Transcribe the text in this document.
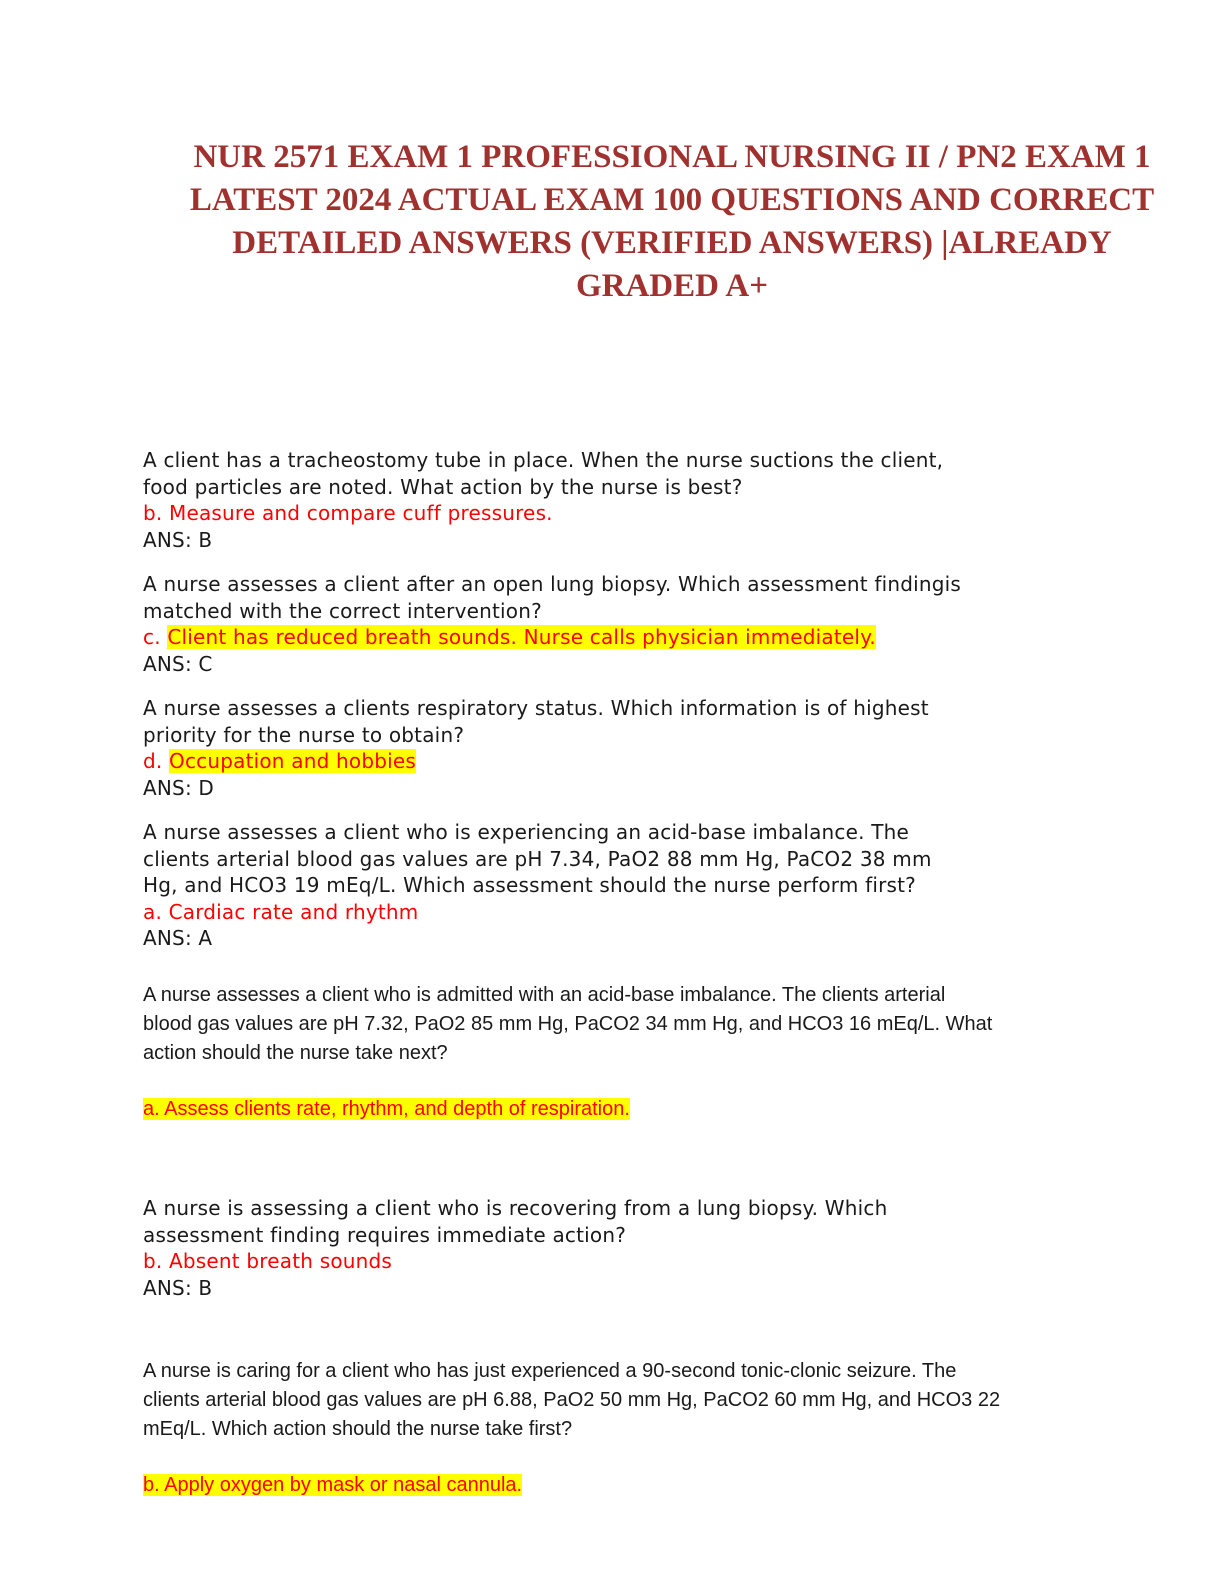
NUR 2571 EXAM 1 PROFESSIONAL NURSING II / PN2 EXAM 1
LATEST 2024 ACTUAL EXAM 100 QUESTIONS AND CORRECT
DETAILED ANSWERS (VERIFIED ANSWERS) |ALREADY
GRADED A+
A client has a tracheostomy tube in place. When the nurse suctions the client,
food particles are noted. What action by the nurse is best?
b. Measure and compare cuff pressures.
ANS: B
A nurse assesses a client after an open lung biopsy. Which assessment findingis
matched with the correct intervention?
c. Client has reduced breath sounds. Nurse calls physician immediately.
ANS: C
A nurse assesses a clients respiratory status. Which information is of highest
priority for the nurse to obtain?
d. Occupation and hobbies
ANS: D
A nurse assesses a client who is experiencing an acid-base imbalance. The
clients arterial blood gas values are pH 7.34, PaO2 88 mm Hg, PaCO2 38 mm
Hg, and HCO3 19 mEq/L. Which assessment should the nurse perform first?
a. Cardiac rate and rhythm
ANS: A
A nurse assesses a client who is admitted with an acid-base imbalance. The clients arterial
blood gas values are pH 7.32, PaO2 85 mm Hg, PaCO2 34 mm Hg, and HCO3 16 mEq/L. What
action should the nurse take next?
a. Assess clients rate, rhythm, and depth of respiration.
A nurse is assessing a client who is recovering from a lung biopsy. Which
assessment finding requires immediate action?
b. Absent breath sounds
ANS: B
A nurse is caring for a client who has just experienced a 90-second tonic-clonic seizure. The
clients arterial blood gas values are pH 6.88, PaO2 50 mm Hg, PaCO2 60 mm Hg, and HCO3 22
mEq/L. Which action should the nurse take first?
b. Apply oxygen by mask or nasal cannula.
